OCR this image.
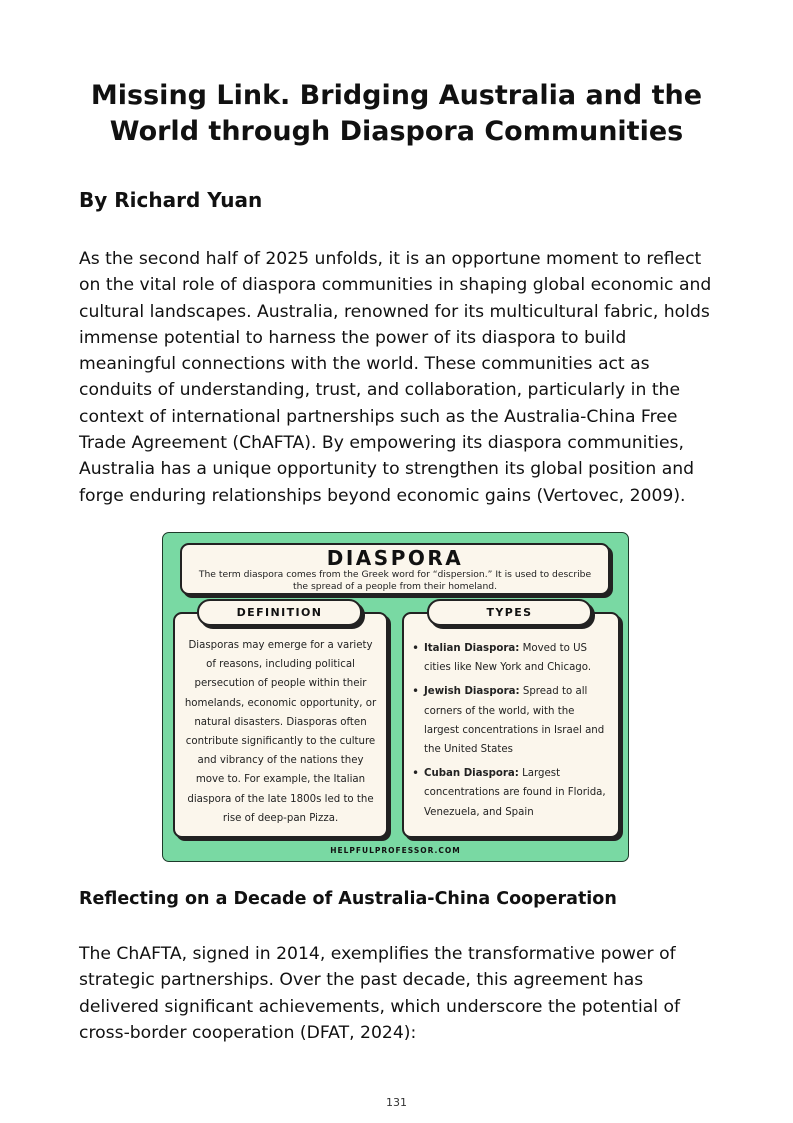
Missing Link. Bridging Australia and the World through Diaspora Communities
By Richard Yuan

As the second half of 2025 unfolds, it is an opportune moment to reflect on the vital role of diaspora communities in shaping global economic and cultural landscapes. Australia, renowned for its multicultural fabric, holds immense potential to harness the power of its diaspora to build meaningful connections with the world. These communities act as conduits of understanding, trust, and collaboration, particularly in the context of international partnerships such as the Australia-China Free Trade Agreement (ChAFTA). By empowering its diaspora communities, Australia has a unique opportunity to strengthen its global position and forge enduring relationships beyond economic gains (Vertovec, 2009).

DIASPORA

The term diaspora comes from the Greek word for “dispersion.” It is used to describe the spread of a people from their homeland.

DEFINITION	TYPES

Diasporas may emerge for a variety of reasons, including political persecution of people within their homelands, economic opportunity, or natural disasters. Diasporas often contribute significantly to the culture and vibrancy of the nations they move to. For example, the Italian diaspora of the late 1800s led to the rise of deep-pan Pizza.

• Italian Diaspora: Moved to US cities like New York and Chicago.
• Jewish Diaspora: Spread to all corners of the world, with the largest concentrations in Israel and the United States
• Cuban Diaspora: Largest concentrations are found in Florida, Venezuela, and Spain
HELPFULPROFESSOR.COM
Reflecting on a Decade of Australia-China Cooperation

The ChAFTA, signed in 2014, exemplifies the transformative power of strategic partnerships. Over the past decade, this agreement has delivered significant achievements, which underscore the potential of cross-border cooperation (DFAT, 2024):

131
